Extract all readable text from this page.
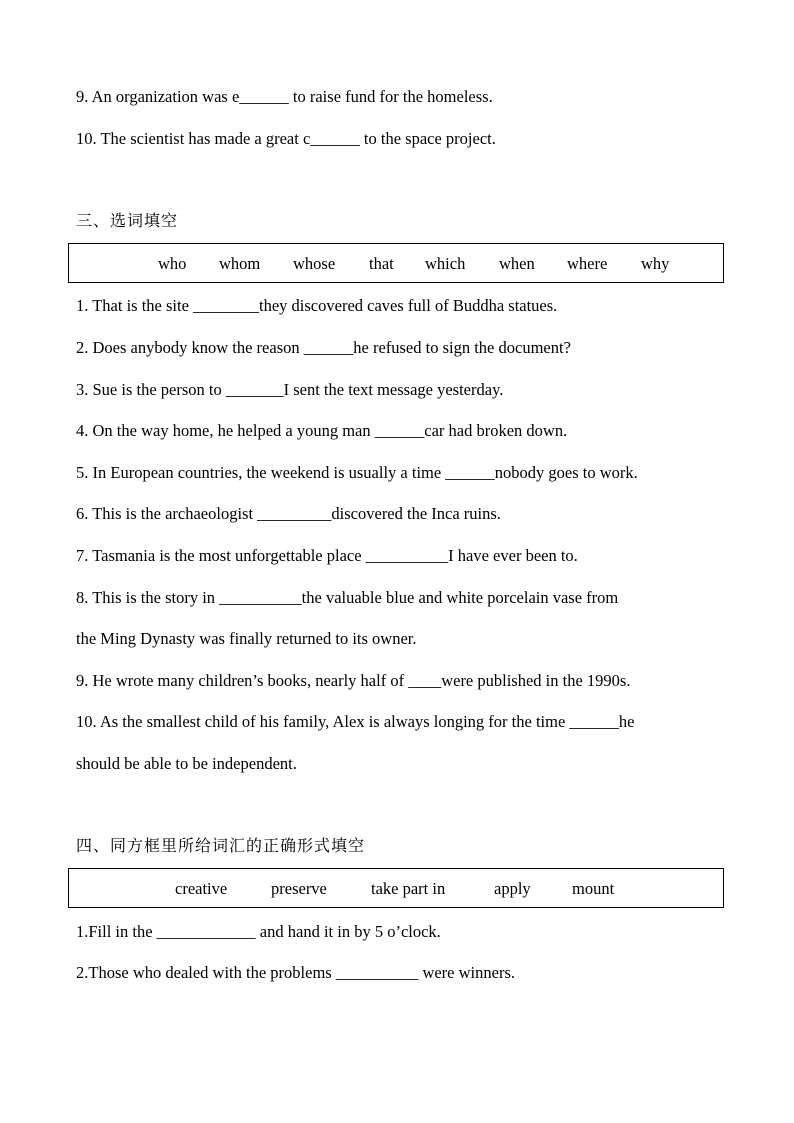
9. An organization was e______ to raise fund for the homeless.
10. The scientist has made a great c______ to the space project.
三、选词填空
who whom whose that which when where why
1. That is the site ________they discovered caves full of Buddha statues.
2. Does anybody know the reason ______he refused to sign the document?
3. Sue is the person to _______I sent the text message yesterday.
4. On the way home, he helped a young man ______car had broken down.
5. In European countries, the weekend is usually a time ______nobody goes to work.
6. This is the archaeologist _________discovered the Inca ruins.
7. Tasmania is the most unforgettable place __________I have ever been to.
8. This is the story in __________the valuable blue and white porcelain vase from
the Ming Dynasty was finally returned to its owner.
9. He wrote many children’s books, nearly half of ____were published in the 1990s.
10. As the smallest child of his family, Alex is always longing for the time ______he
should be able to be independent.
四、同方框里所给词汇的正确形式填空
creative	preserve	take part in	apply	mount
1.Fill in the ____________ and hand it in by 5 o’clock.
2.Those who dealed with the problems __________ were winners.
